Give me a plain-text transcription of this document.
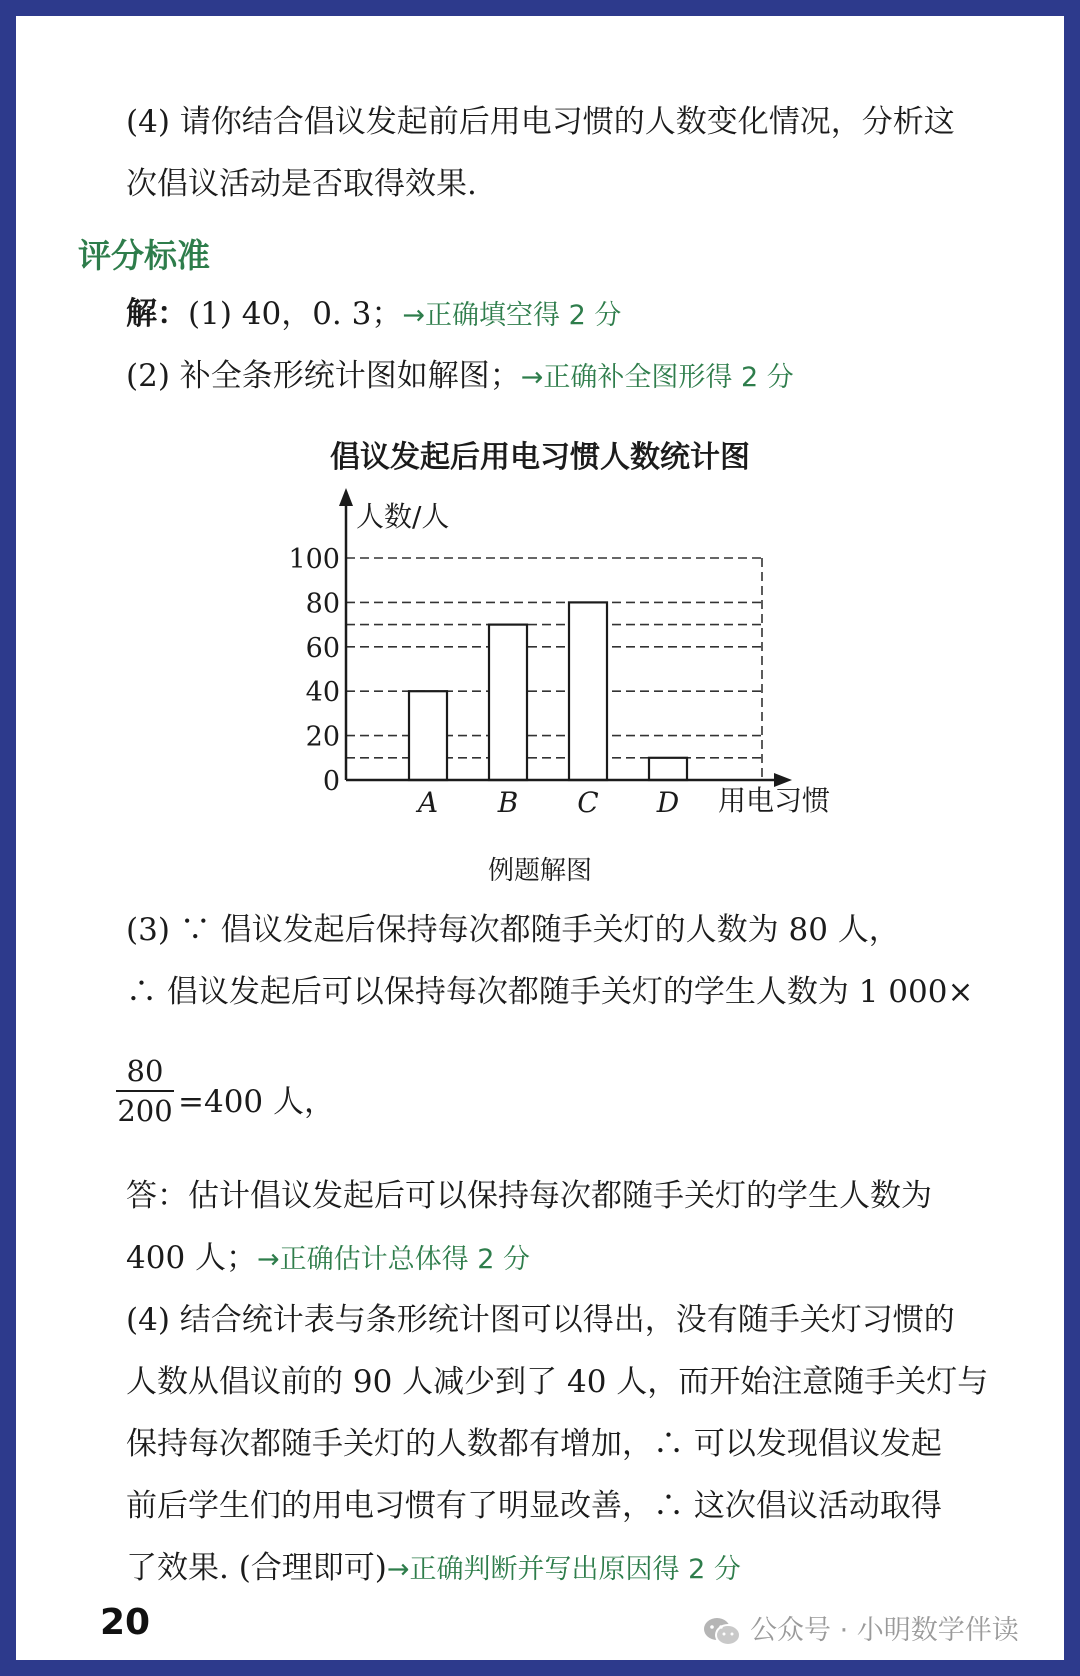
(4) 请你结合倡议发起前后用电习惯的人数变化情况，分析这
次倡议活动是否取得效果.
评分标准
解：(1) 40，0. 3；→正确填空得 2 分
(2) 补全条形统计图如解图；→正确补全图形得 2 分
倡议发起后用电习惯人数统计图
0
20
40
60
80
100
A B C D
人数/人
用电习惯
例题解图
(3) ∵ 倡议发起后保持每次都随手关灯的人数为 80 人，
∴ 倡议发起后可以保持每次都随手关灯的学生人数为 1 000×
80
200 =400 人，
答：估计倡议发起后可以保持每次都随手关灯的学生人数为
400 人；→正确估计总体得 2 分
(4) 结合统计表与条形统计图可以得出，没有随手关灯习惯的
人数从倡议前的 90 人减少到了 40 人，而开始注意随手关灯与
保持每次都随手关灯的人数都有增加，∴ 可以发现倡议发起
前后学生们的用电习惯有了明显改善，∴ 这次倡议活动取得
了效果. (合理即可)→正确判断并写出原因得 2 分
20	公众号 · 小明数学伴读
